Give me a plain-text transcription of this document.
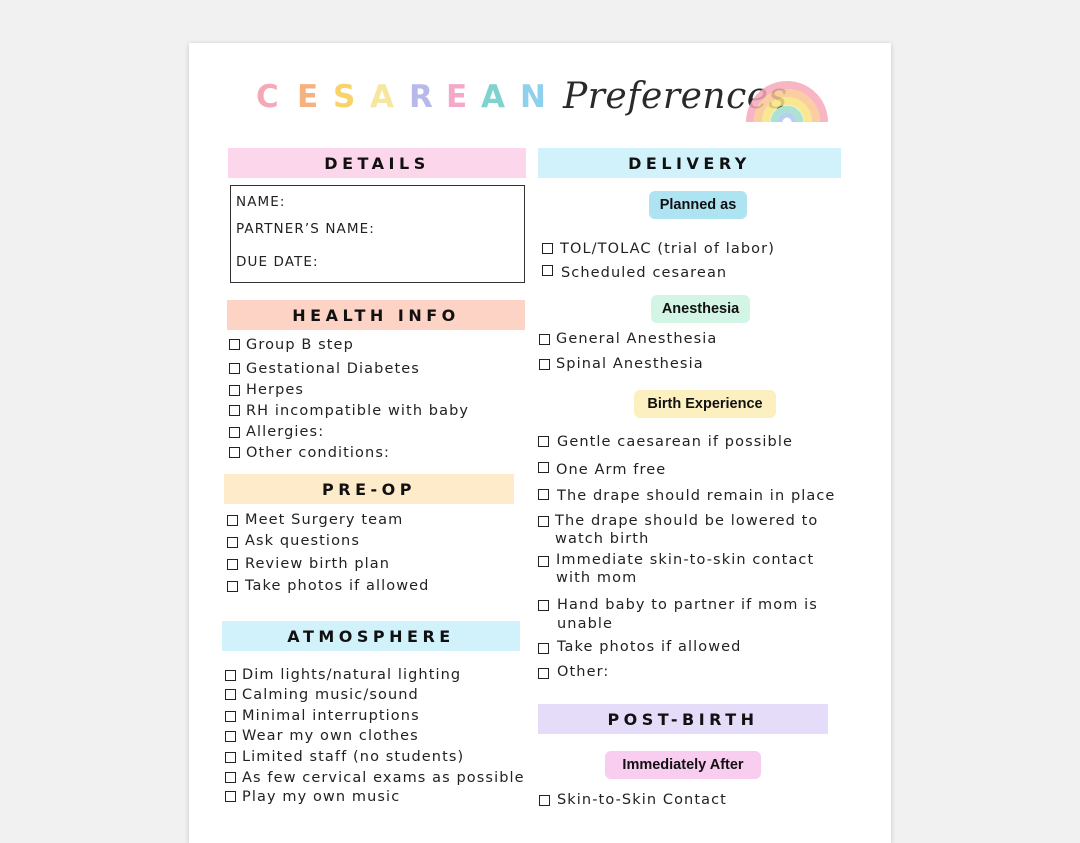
C E S A R E A N Preferences
DETAILS
NAME:
PARTNER’S NAME:
DUE DATE:
HEALTH INFO
Group B step
Gestational Diabetes
Herpes
RH incompatible with baby
Allergies:
Other conditions:
PRE-OP
Meet Surgery team
Ask questions
Review birth plan
Take photos if allowed
ATMOSPHERE
Dim lights/natural lighting
Calming music/sound
Minimal interruptions
Wear my own clothes
Limited staff (no students)
As few cervical exams as possible
Play my own music
DELIVERY
Planned as
TOL/TOLAC (trial of labor)
Scheduled cesarean
Anesthesia
General Anesthesia
Spinal Anesthesia
Birth Experience
Gentle caesarean if possible
One Arm free
The drape should remain in place
The drape should be lowered to
watch birth
Immediate skin-to-skin contact
with mom
Hand baby to partner if mom is
unable
Take photos if allowed
Other:
POST-BIRTH
Immediately After
Skin-to-Skin Contact
